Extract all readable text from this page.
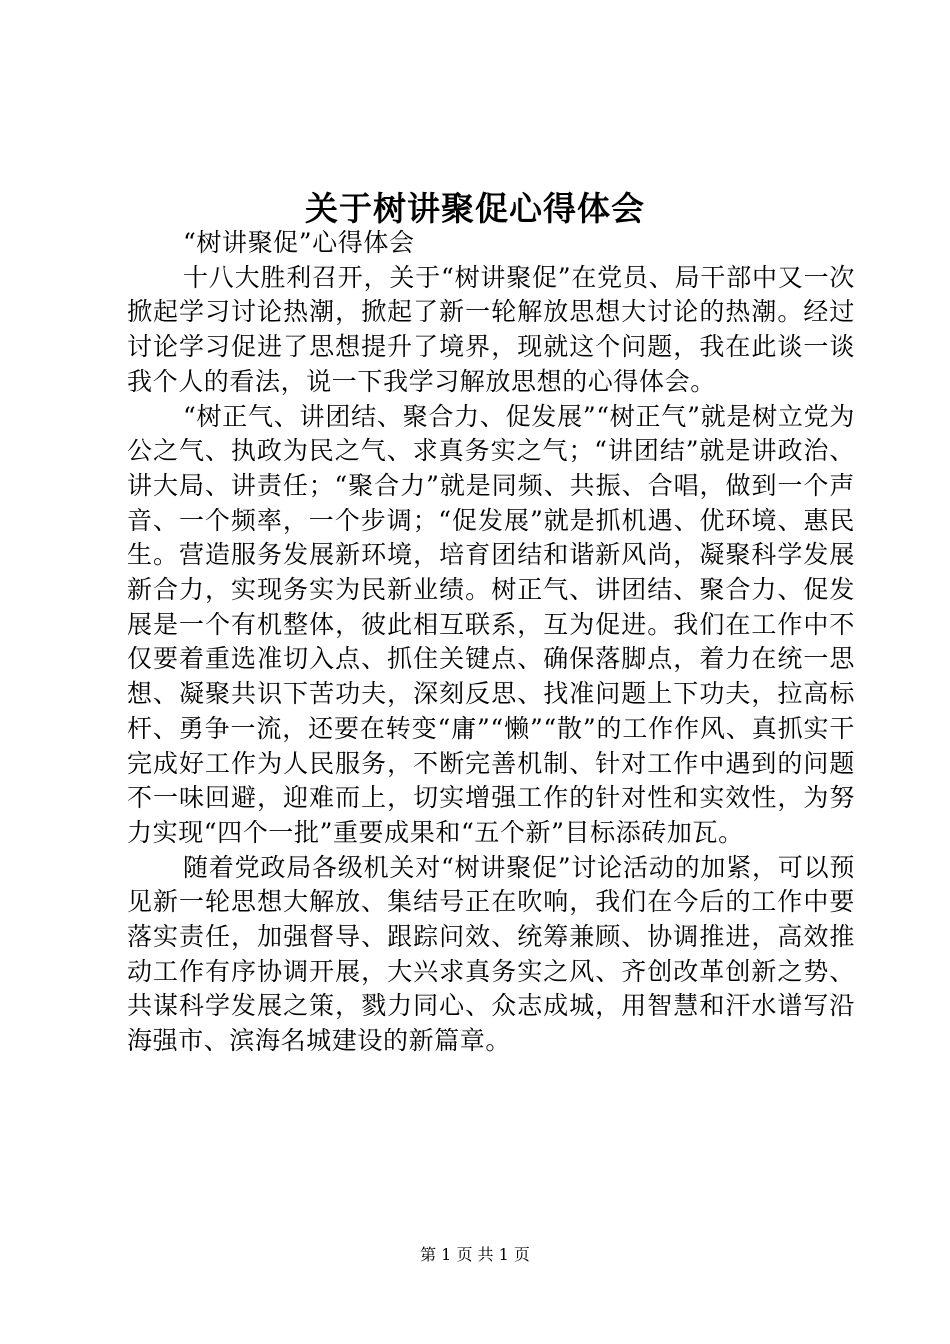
关于树讲聚促心得体会

“树讲聚促”心得体会

十八大胜利召开，关于“树讲聚促”在党员、局干部中又一次掀起学习讨论热潮，掀起了新一轮解放思想大讨论的热潮。经过讨论学习促进了思想提升了境界，现就这个问题，我在此谈一谈我个人的看法，说一下我学习解放思想的心得体会。

“树正气、讲团结、聚合力、促发展”“树正气”就是树立党为公之气、执政为民之气、求真务实之气；“讲团结”就是讲政治、讲大局、讲责任；“聚合力”就是同频、共振、合唱，做到一个声音、一个频率，一个步调；“促发展”就是抓机遇、优环境、惠民生。营造服务发展新环境，培育团结和谐新风尚，凝聚科学发展新合力，实现务实为民新业绩。树正气、讲团结、聚合力、促发展是一个有机整体，彼此相互联系，互为促进。我们在工作中不仅要着重选准切入点、抓住关键点、确保落脚点，着力在统一思想、凝聚共识下苦功夫，深刻反思、找准问题上下功夫，拉高标杆、勇争一流，还要在转变“庸”“懒”“散”的工作作风、真抓实干完成好工作为人民服务，不断完善机制、针对工作中遇到的问题不一味回避，迎难而上，切实增强工作的针对性和实效性，为努力实现“四个一批”重要成果和“五个新”目标添砖加瓦。

随着党政局各级机关对“树讲聚促”讨论活动的加紧，可以预见新一轮思想大解放、集结号正在吹响，我们在今后的工作中要落实责任，加强督导、跟踪问效、统筹兼顾、协调推进，高效推动工作有序协调开展，大兴求真务实之风、齐创改革创新之势、共谋科学发展之策，戮力同心、众志成城，用智慧和汗水谱写沿海强市、滨海名城建设的新篇章。

第 1 页 共 1 页
